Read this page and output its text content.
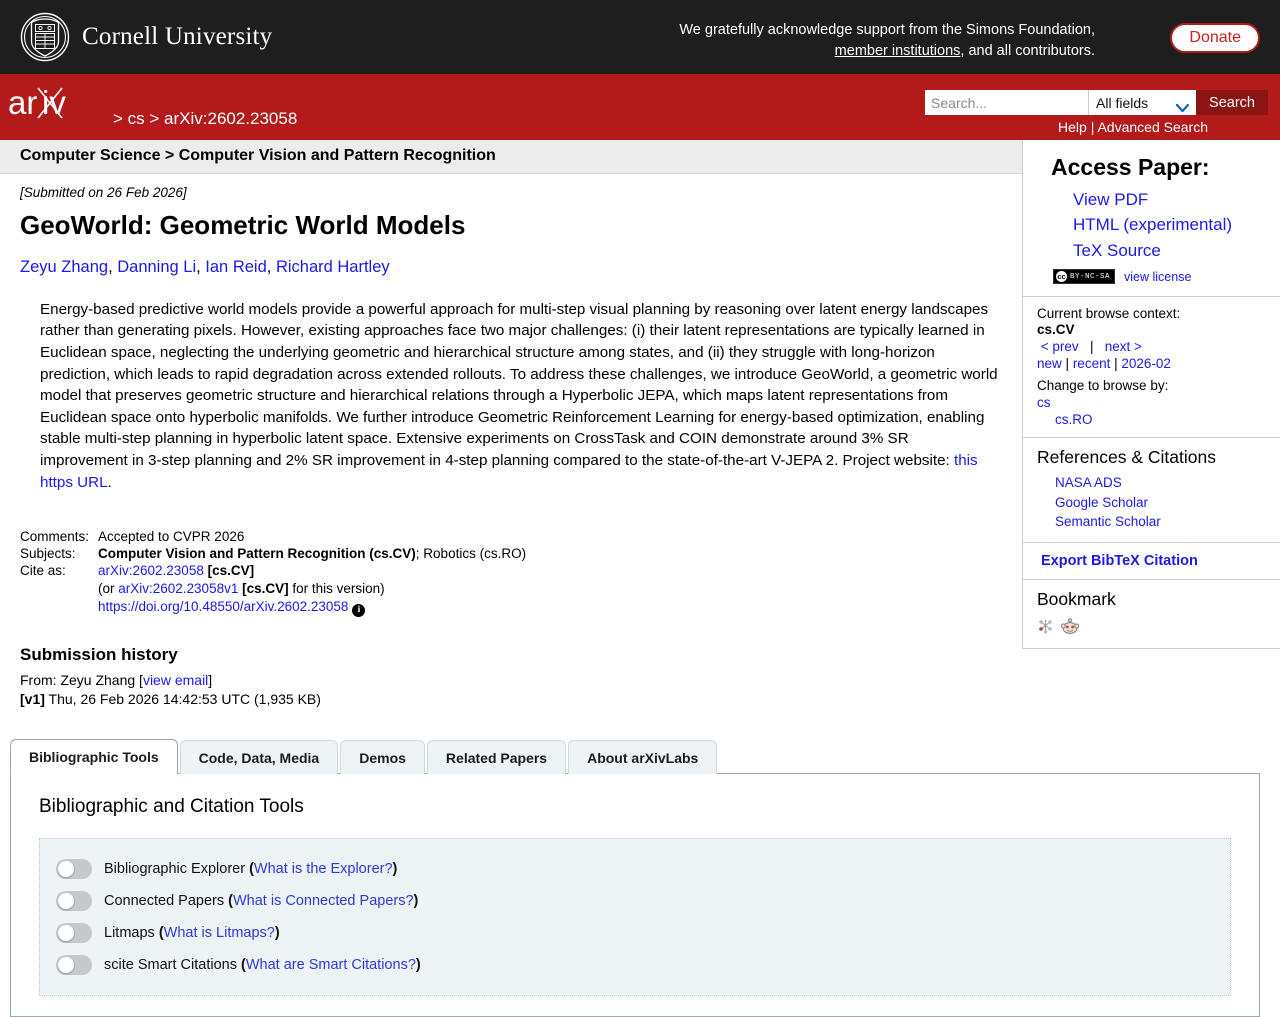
Cornell University	We gratefully acknowledge support from the Simons Foundation,
member institutions, and all contributors.
Donate
ar iv	> cs > arXiv:2602.23058
Search...
All fields
Search
Help | Advanced Search
Computer Science > Computer Vision and Pattern Recognition
[Submitted on 26 Feb 2026]
GeoWorld: Geometric World Models
Zeyu Zhang, Danning Li, Ian Reid, Richard Hartley
Energy-based predictive world models provide a powerful approach for multi-step visual planning by reasoning over latent energy landscapes rather than generating pixels. However, existing approaches face two major challenges: (i) their latent representations are typically learned in Euclidean space, neglecting the underlying geometric and hierarchical structure among states, and (ii) they struggle with long-horizon prediction, which leads to rapid degradation across extended rollouts. To address these challenges, we introduce GeoWorld, a geometric world model that preserves geometric structure and hierarchical relations through a Hyperbolic JEPA, which maps latent representations from Euclidean space onto hyperbolic manifolds. We further introduce Geometric Reinforcement Learning for energy-based optimization, enabling stable multi-step planning in hyperbolic latent space. Extensive experiments on CrossTask and COIN demonstrate around 3% SR improvement in 3-step planning and 2% SR improvement in 4-step planning compared to the state-of-the-art V-JEPA 2. Project website: this https URL.
Comments:	Accepted to CVPR 2026
Subjects:	Computer Vision and Pattern Recognition (cs.CV); Robotics (cs.RO)
Cite as:	arXiv:2602.23058 [cs.CV]
(or arXiv:2602.23058v1 [cs.CV] for this version)
https://doi.org/10.48550/arXiv.2602.23058 i
Submission history
From: Zeyu Zhang [view email]
[v1] Thu, 26 Feb 2026 14:42:53 UTC (1,935 KB)
Access Paper:
View PDF
HTML (experimental)
TeX Source
cc BY-NC-SA view license
Current browse context:
cs.CV
< prev | next >
new | recent | 2026-02
Change to browse by:
cs
cs.RO
References & Citations
NASA ADS
Google Scholar
Semantic Scholar
Export BibTeX Citation
Bookmark
Bibliographic Tools	Code, Data, Media	Demos	Related Papers	About arXivLabs
Bibliographic and Citation Tools
Bibliographic Explorer (What is the Explorer?)
Connected Papers (What is Connected Papers?)
Litmaps (What is Litmaps?)
scite Smart Citations (What are Smart Citations?)
